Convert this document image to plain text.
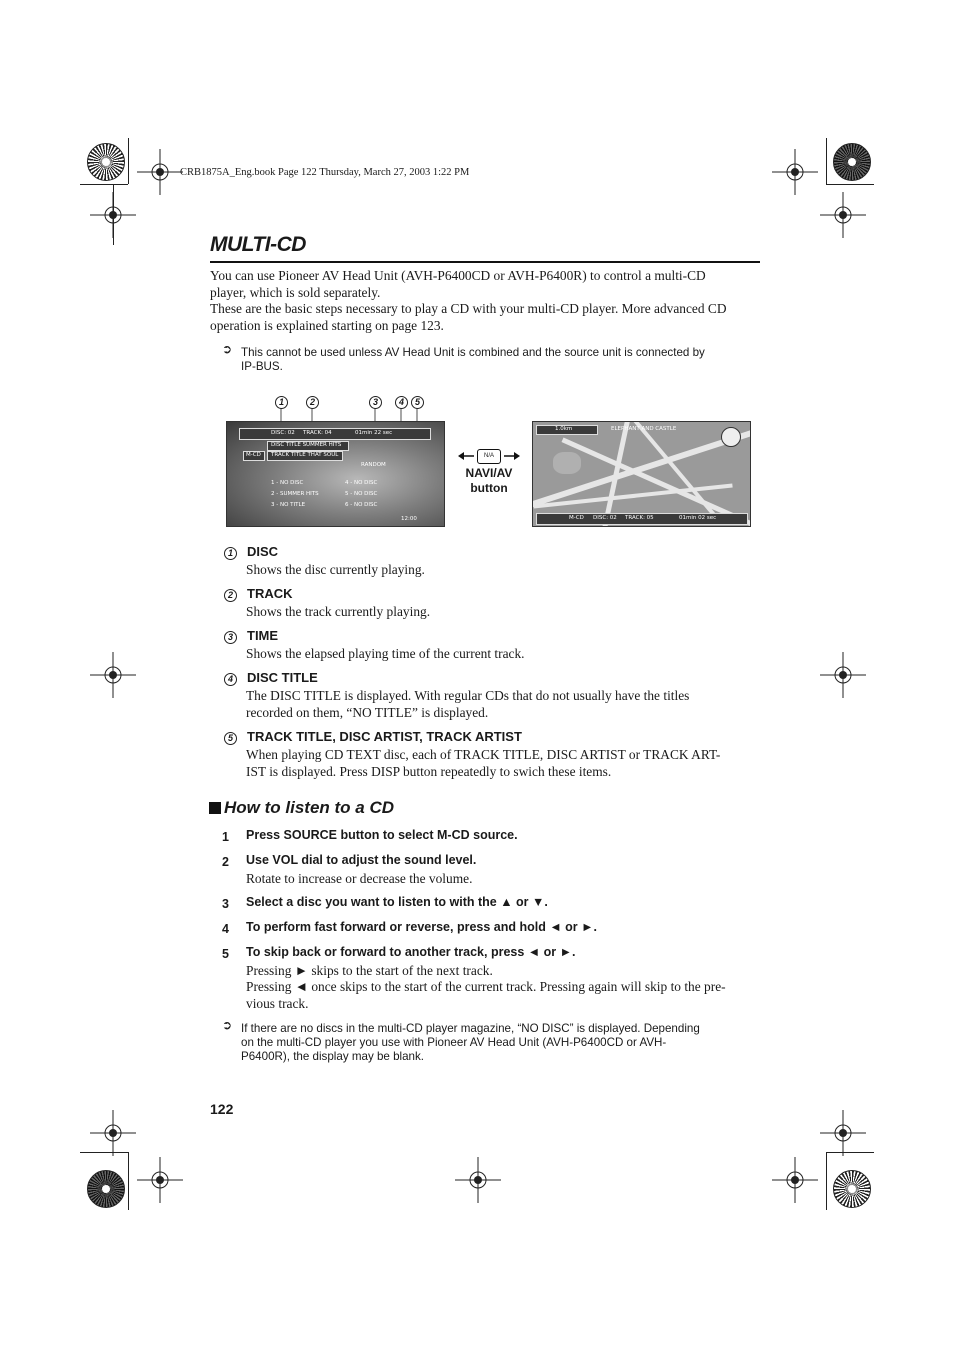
CRB1875A_Eng.book Page 122 Thursday, March 27, 2003 1:22 PM
MULTI-CD
You can use Pioneer AV Head Unit (AVH-P6400CD or AVH-P6400R) to control a multi-CD
player, which is sold separately.
These are the basic steps necessary to play a CD with your multi-CD player. More advanced CD
operation is explained starting on page 123.
➲ This cannot be used unless AV Head Unit is combined and the source unit is connected by
IP-BUS.
1	2	3	4	5
DISC: 02 TRACK: 04	01min 22 sec
DISC TITLE SUMMER HITS
M-CD TRACK TITLE THAT SOUL
RANDOM
1 - NO DISC	4 - NO DISC
2 - SUMMER HITS	5 - NO DISC
3 - NO TITLE	6 - NO DISC
12:00
N/A
NAVI/AV
button
1.0km	ELEPHANT AND CASTLE
M-CD DISC: 02 TRACK: 05	01min 02 sec
1 DISC
Shows the disc currently playing.
2 TRACK
Shows the track currently playing.
3 TIME
Shows the elapsed playing time of the current track.
4 DISC TITLE
The DISC TITLE is displayed. With regular CDs that do not usually have the titles
recorded on them, “NO TITLE” is displayed.
5 TRACK TITLE, DISC ARTIST, TRACK ARTIST
When playing CD TEXT disc, each of TRACK TITLE, DISC ARTIST or TRACK ART-
IST is displayed. Press DISP button repeatedly to swich these items.
How to listen to a CD
1 Press SOURCE button to select M-CD source.
2 Use VOL dial to adjust the sound level.
Rotate to increase or decrease the volume.
3 Select a disc you want to listen to with the ▲ or ▼.
4 To perform fast forward or reverse, press and hold ◄ or ►.
5 To skip back or forward to another track, press ◄ or ►.
Pressing ► skips to the start of the next track.
Pressing ◄ once skips to the start of the current track. Pressing again will skip to the pre-
vious track.
➲ If there are no discs in the multi-CD player magazine, “NO DISC” is displayed. Depending
on the multi-CD player you use with Pioneer AV Head Unit (AVH-P6400CD or AVH-
P6400R), the display may be blank.
122
